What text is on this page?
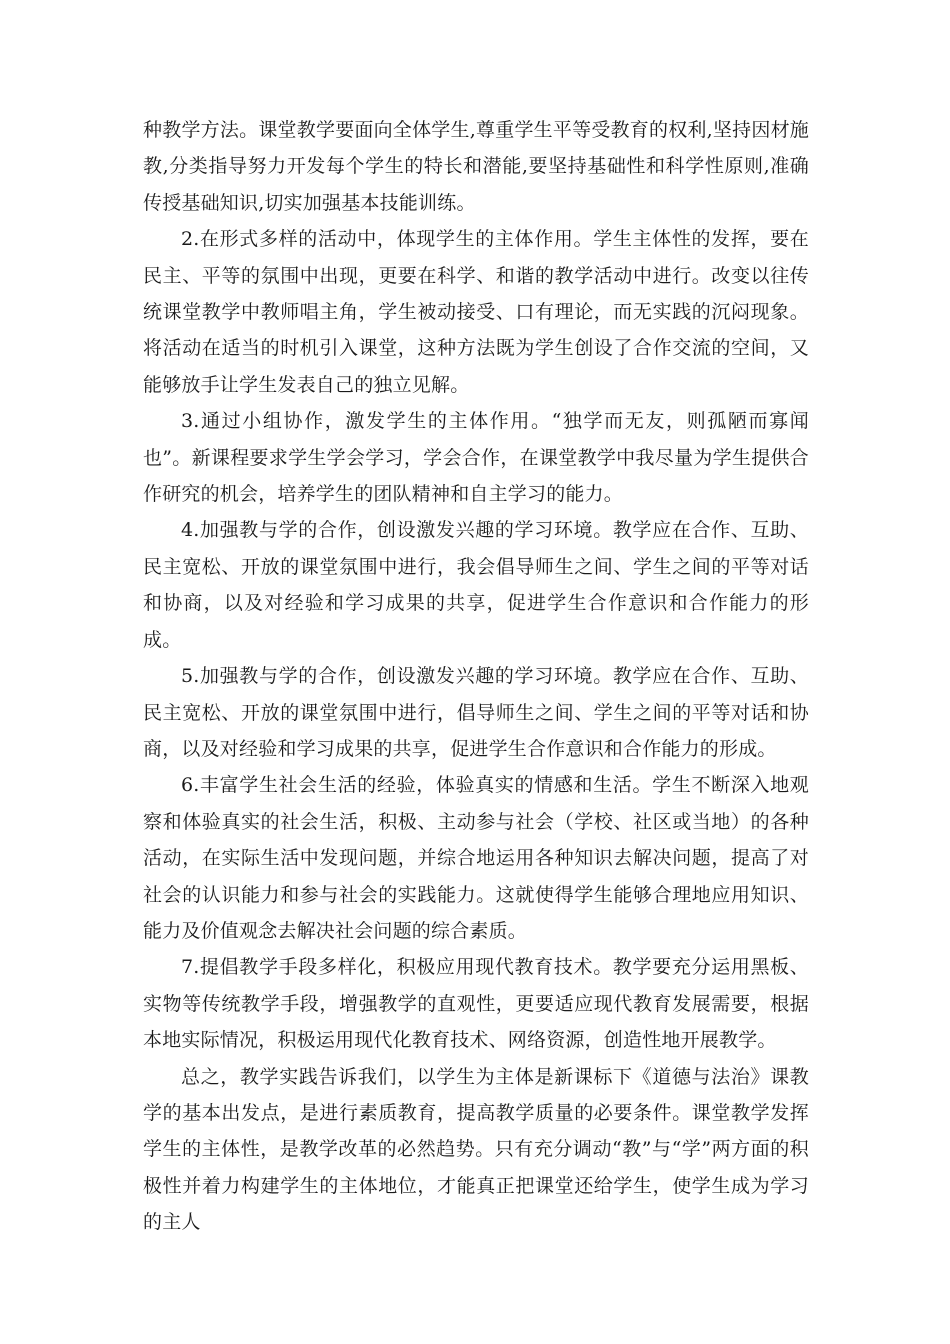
种教学方法。课堂教学要面向全体学生,尊重学生平等受教育的权利,坚持因材施教,分类指导努力开发每个学生的特长和潜能,要坚持基础性和科学性原则,准确传授基础知识,切实加强基本技能训练。

2.在形式多样的活动中，体现学生的主体作用。学生主体性的发挥，要在民主、平等的氛围中出现，更要在科学、和谐的教学活动中进行。改变以往传统课堂教学中教师唱主角，学生被动接受、口有理论，而无实践的沉闷现象。将活动在适当的时机引入课堂，这种方法既为学生创设了合作交流的空间，又能够放手让学生发表自己的独立见解。

3.通过小组协作，激发学生的主体作用。“独学而无友，则孤陋而寡闻也”。新课程要求学生学会学习，学会合作，在课堂教学中我尽量为学生提供合作研究的机会，培养学生的团队精神和自主学习的能力。

4.加强教与学的合作，创设激发兴趣的学习环境。教学应在合作、互助、民主宽松、开放的课堂氛围中进行，我会倡导师生之间、学生之间的平等对话和协商，以及对经验和学习成果的共享，促进学生合作意识和合作能力的形成。

5.加强教与学的合作，创设激发兴趣的学习环境。教学应在合作、互助、民主宽松、开放的课堂氛围中进行，倡导师生之间、学生之间的平等对话和协商，以及对经验和学习成果的共享，促进学生合作意识和合作能力的形成。

6.丰富学生社会生活的经验，体验真实的情感和生活。学生不断深入地观察和体验真实的社会生活，积极、主动参与社会（学校、社区或当地）的各种活动，在实际生活中发现问题，并综合地运用各种知识去解决问题，提高了对社会的认识能力和参与社会的实践能力。这就使得学生能够合理地应用知识、能力及价值观念去解决社会问题的综合素质。

7.提倡教学手段多样化，积极应用现代教育技术。教学要充分运用黑板、实物等传统教学手段，增强教学的直观性，更要适应现代教育发展需要，根据本地实际情况，积极运用现代化教育技术、网络资源，创造性地开展教学。

总之，教学实践告诉我们，以学生为主体是新课标下《道德与法治》课教学的基本出发点，是进行素质教育，提高教学质量的必要条件。课堂教学发挥学生的主体性，是教学改革的必然趋势。只有充分调动“教”与“学”两方面的积极性并着力构建学生的主体地位，才能真正把课堂还给学生，使学生成为学习的主人
